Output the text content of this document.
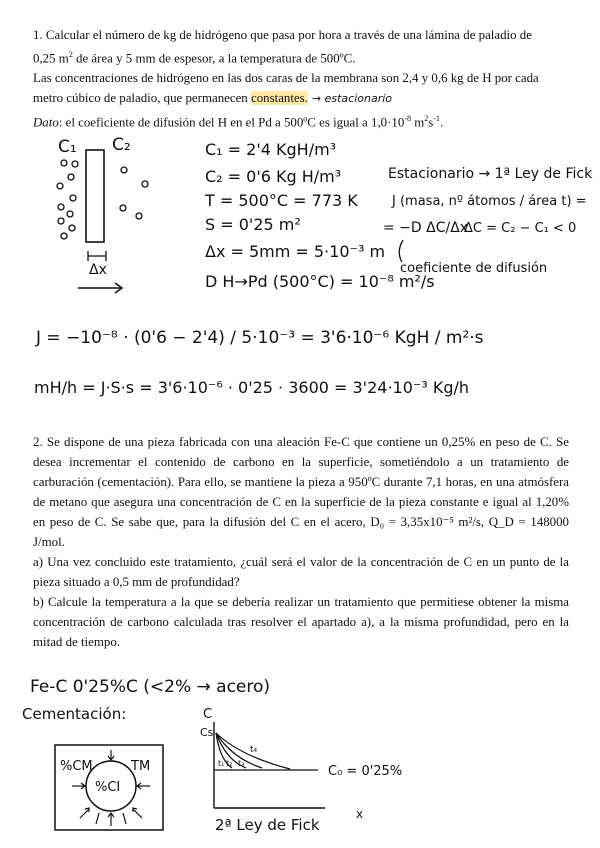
1. Calcular el número de kg de hidrógeno que pasa por hora a través de una lámina de paladio de

0,25 $m^2$ de área y 5 mm de espesor, a la temperatura de 500ºC.

Las concentraciones de hidrógeno en las dos caras de la membrana son 2,4 y 0,6 kg de H por cada

metro cúbico de paladio, que permanecen constantes. → estacionario

Dato: el coeficiente de difusión del H en el Pd a 500ºC es igual a $1,0\cdot 10^{-8}$ $m^2s^{-1}$.

C₁ C₂
Δx
C₁ = 2'4 KgH/m³
C₂ = 0'6 Kg H/m³
T = 500°C = 773 K
S = 0'25 m²
Δx = 5mm = 5·10⁻³ m
D H→Pd (500°C) = 10⁻⁸ m²/s
Estacionario → 1ª Ley de Fick
J (masa, nº átomos / área t) =
= −D ΔC/Δx
ΔC = C₂ − C₁ < 0
coeficiente de difusión
J = −10⁻⁸ · (0'6 − 2'4) / 5·10⁻³ = 3'6·10⁻⁶ KgH / m²·s
mH/h = J·S·s = 3'6·10⁻⁶ · 0'25 · 3600 = 3'24·10⁻³ Kg/h

2. Se dispone de una pieza fabricada con una aleación Fe-C que contiene un 0,25% en peso de C. Se desea incrementar el contenido de carbono en la superficie, sometiéndolo a un tratamiento de carburación (cementación). Para ello, se mantiene la pieza a 950ºC durante 7,1 horas, en una atmósfera de metano que asegura una concentración de C en la superficie de la pieza constante e igual al 1,20% en peso de C. Se sabe que, para la difusión del C en el acero, D₀ = 3,35x10⁻⁵ m²/s, Q_D = 148000 J/mol.

a) Una vez concluido este tratamiento, ¿cuál será el valor de la concentración de C en un punto de la pieza situado a 0,5 mm de profundidad?

b) Calcule la temperatura a la que se debería realizar un tratamiento que permitiese obtener la misma concentración de carbono calculada tras resolver el apartado a), a la misma profundidad, pero en la mitad de tiempo.

Fe-C 0'25%C (<2% → acero)
Cementación:
%CM	TM
%CI
C
Cs
x
C₀ = 0'25%
t₄
t₃
t₂
t₁
2ª Ley de Fick
